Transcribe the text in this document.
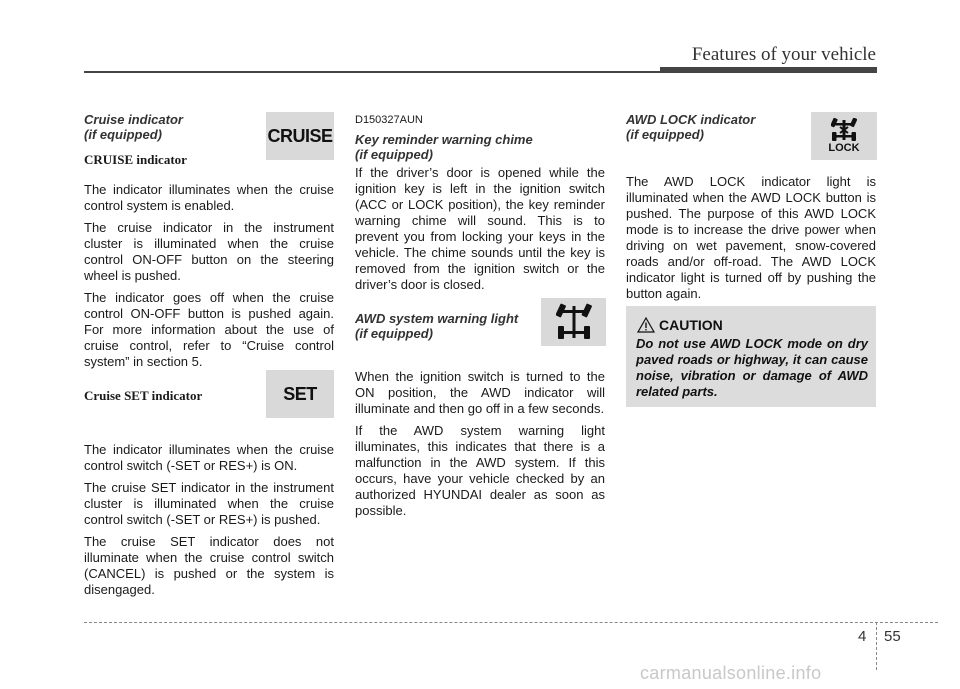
Features of your vehicle
Cruise indicator
(if equipped)
CRUISE indicator

The indicator illuminates when the cruise control system is enabled.

The cruise indicator in the instrument cluster is illuminated when the cruise control ON-OFF button on the steering wheel is pushed.

The indicator goes off when the cruise control ON-OFF button is pushed again. For more information about the use of cruise control, refer to “Cruise control system” in section 5.

Cruise SET indicator

The indicator illuminates when the cruise control switch (-SET or RES+) is ON.

The cruise SET indicator in the instrument cluster is illuminated when the cruise control switch (-SET or RES+) is pushed.

The cruise SET indicator does not illuminate when the cruise control switch (CANCEL) is pushed or the system is disengaged.

CRUISE
SET
D150327AUN
Key reminder warning chime
(if equipped)

If the driver’s door is opened while the ignition key is left in the ignition switch (ACC or LOCK position), the key reminder warning chime will sound. This is to prevent you from locking your keys in the vehicle. The chime sounds until the key is removed from the ignition switch or the driver’s door is closed.

AWD system warning light
(if equipped)

When the ignition switch is turned to the ON position, the AWD indicator will illuminate and then go off in a few seconds.

If the AWD system warning light illuminates, this indicates that there is a malfunction in the AWD system. If this occurs, have your vehicle checked by an authorized HYUNDAI dealer as soon as possible.

AWD LOCK indicator
(if equipped)

The AWD LOCK indicator light is illuminated when the AWD LOCK button is pushed. The purpose of this AWD LOCK mode is to increase the drive power when driving on wet pavement, snow-covered roads and/or off-road. The AWD LOCK indicator light is turned off by pushing the button again.

LOCK
CAUTION
Do not use AWD LOCK mode on dry paved roads or highway, it can cause noise, vibration or damage of AWD related parts.
4 55
carmanualsonline.info
